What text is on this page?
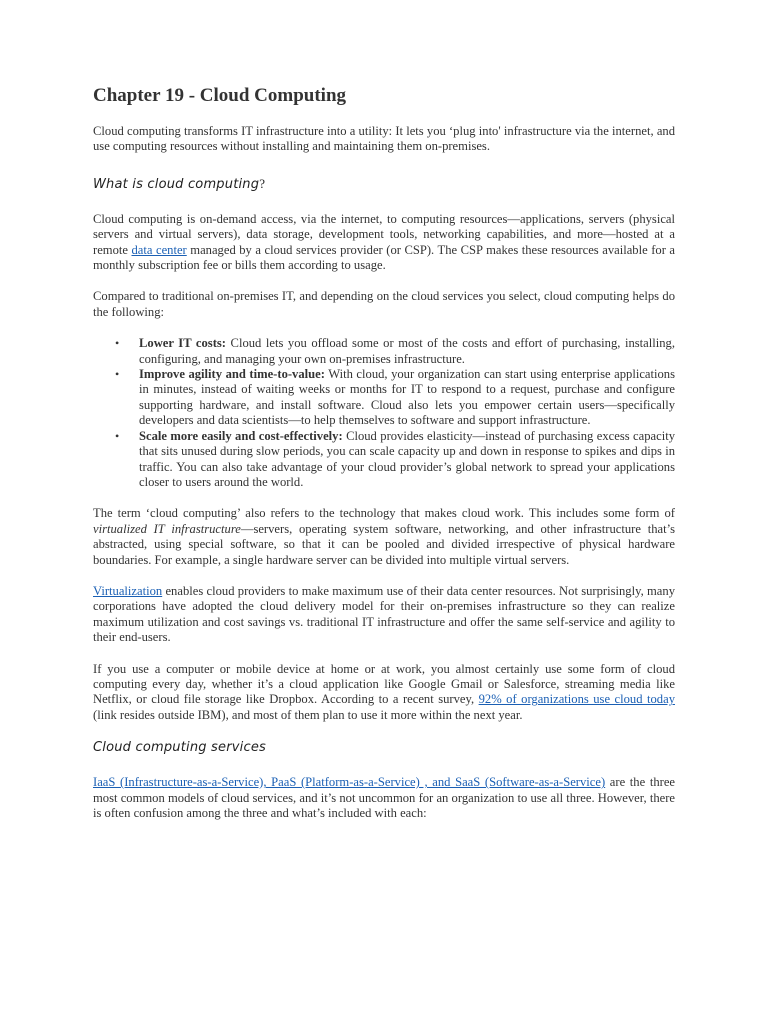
Chapter 19 - Cloud Computing

Cloud computing transforms IT infrastructure into a utility: It lets you ‘plug into' infrastructure via the internet, and use computing resources without installing and maintaining them on-premises.

What is cloud computing?

Cloud computing is on-demand access, via the internet, to computing resources—applications, servers (physical servers and virtual servers), data storage, development tools, networking capabilities, and more—hosted at a remote data center managed by a cloud services provider (or CSP). The CSP makes these resources available for a monthly subscription fee or bills them according to usage.

Compared to traditional on-premises IT, and depending on the cloud services you select, cloud computing helps do the following:

• Lower IT costs: Cloud lets you offload some or most of the costs and effort of purchasing, installing, configuring, and managing your own on-premises infrastructure.
• Improve agility and time-to-value: With cloud, your organization can start using enterprise applications in minutes, instead of waiting weeks or months for IT to respond to a request, purchase and configure supporting hardware, and install software. Cloud also lets you empower certain users—specifically developers and data scientists—to help themselves to software and support infrastructure.
• Scale more easily and cost-effectively: Cloud provides elasticity—instead of purchasing excess capacity that sits unused during slow periods, you can scale capacity up and down in response to spikes and dips in traffic. You can also take advantage of your cloud provider’s global network to spread your applications closer to users around the world.

The term ‘cloud computing’ also refers to the technology that makes cloud work. This includes some form of virtualized IT infrastructure—servers, operating system software, networking, and other infrastructure that’s abstracted, using special software, so that it can be pooled and divided irrespective of physical hardware boundaries. For example, a single hardware server can be divided into multiple virtual servers.

Virtualization enables cloud providers to make maximum use of their data center resources. Not surprisingly, many corporations have adopted the cloud delivery model for their on-premises infrastructure so they can realize maximum utilization and cost savings vs. traditional IT infrastructure and offer the same self-service and agility to their end-users.

If you use a computer or mobile device at home or at work, you almost certainly use some form of cloud computing every day, whether it’s a cloud application like Google Gmail or Salesforce, streaming media like Netflix, or cloud file storage like Dropbox. According to a recent survey, 92% of organizations use cloud today (link resides outside IBM), and most of them plan to use it more within the next year.

Cloud computing services

IaaS (Infrastructure-as-a-Service), PaaS (Platform-as-a-Service) , and SaaS (Software-as-a-Service) are the three most common models of cloud services, and it’s not uncommon for an organization to use all three. However, there is often confusion among the three and what’s included with each:
